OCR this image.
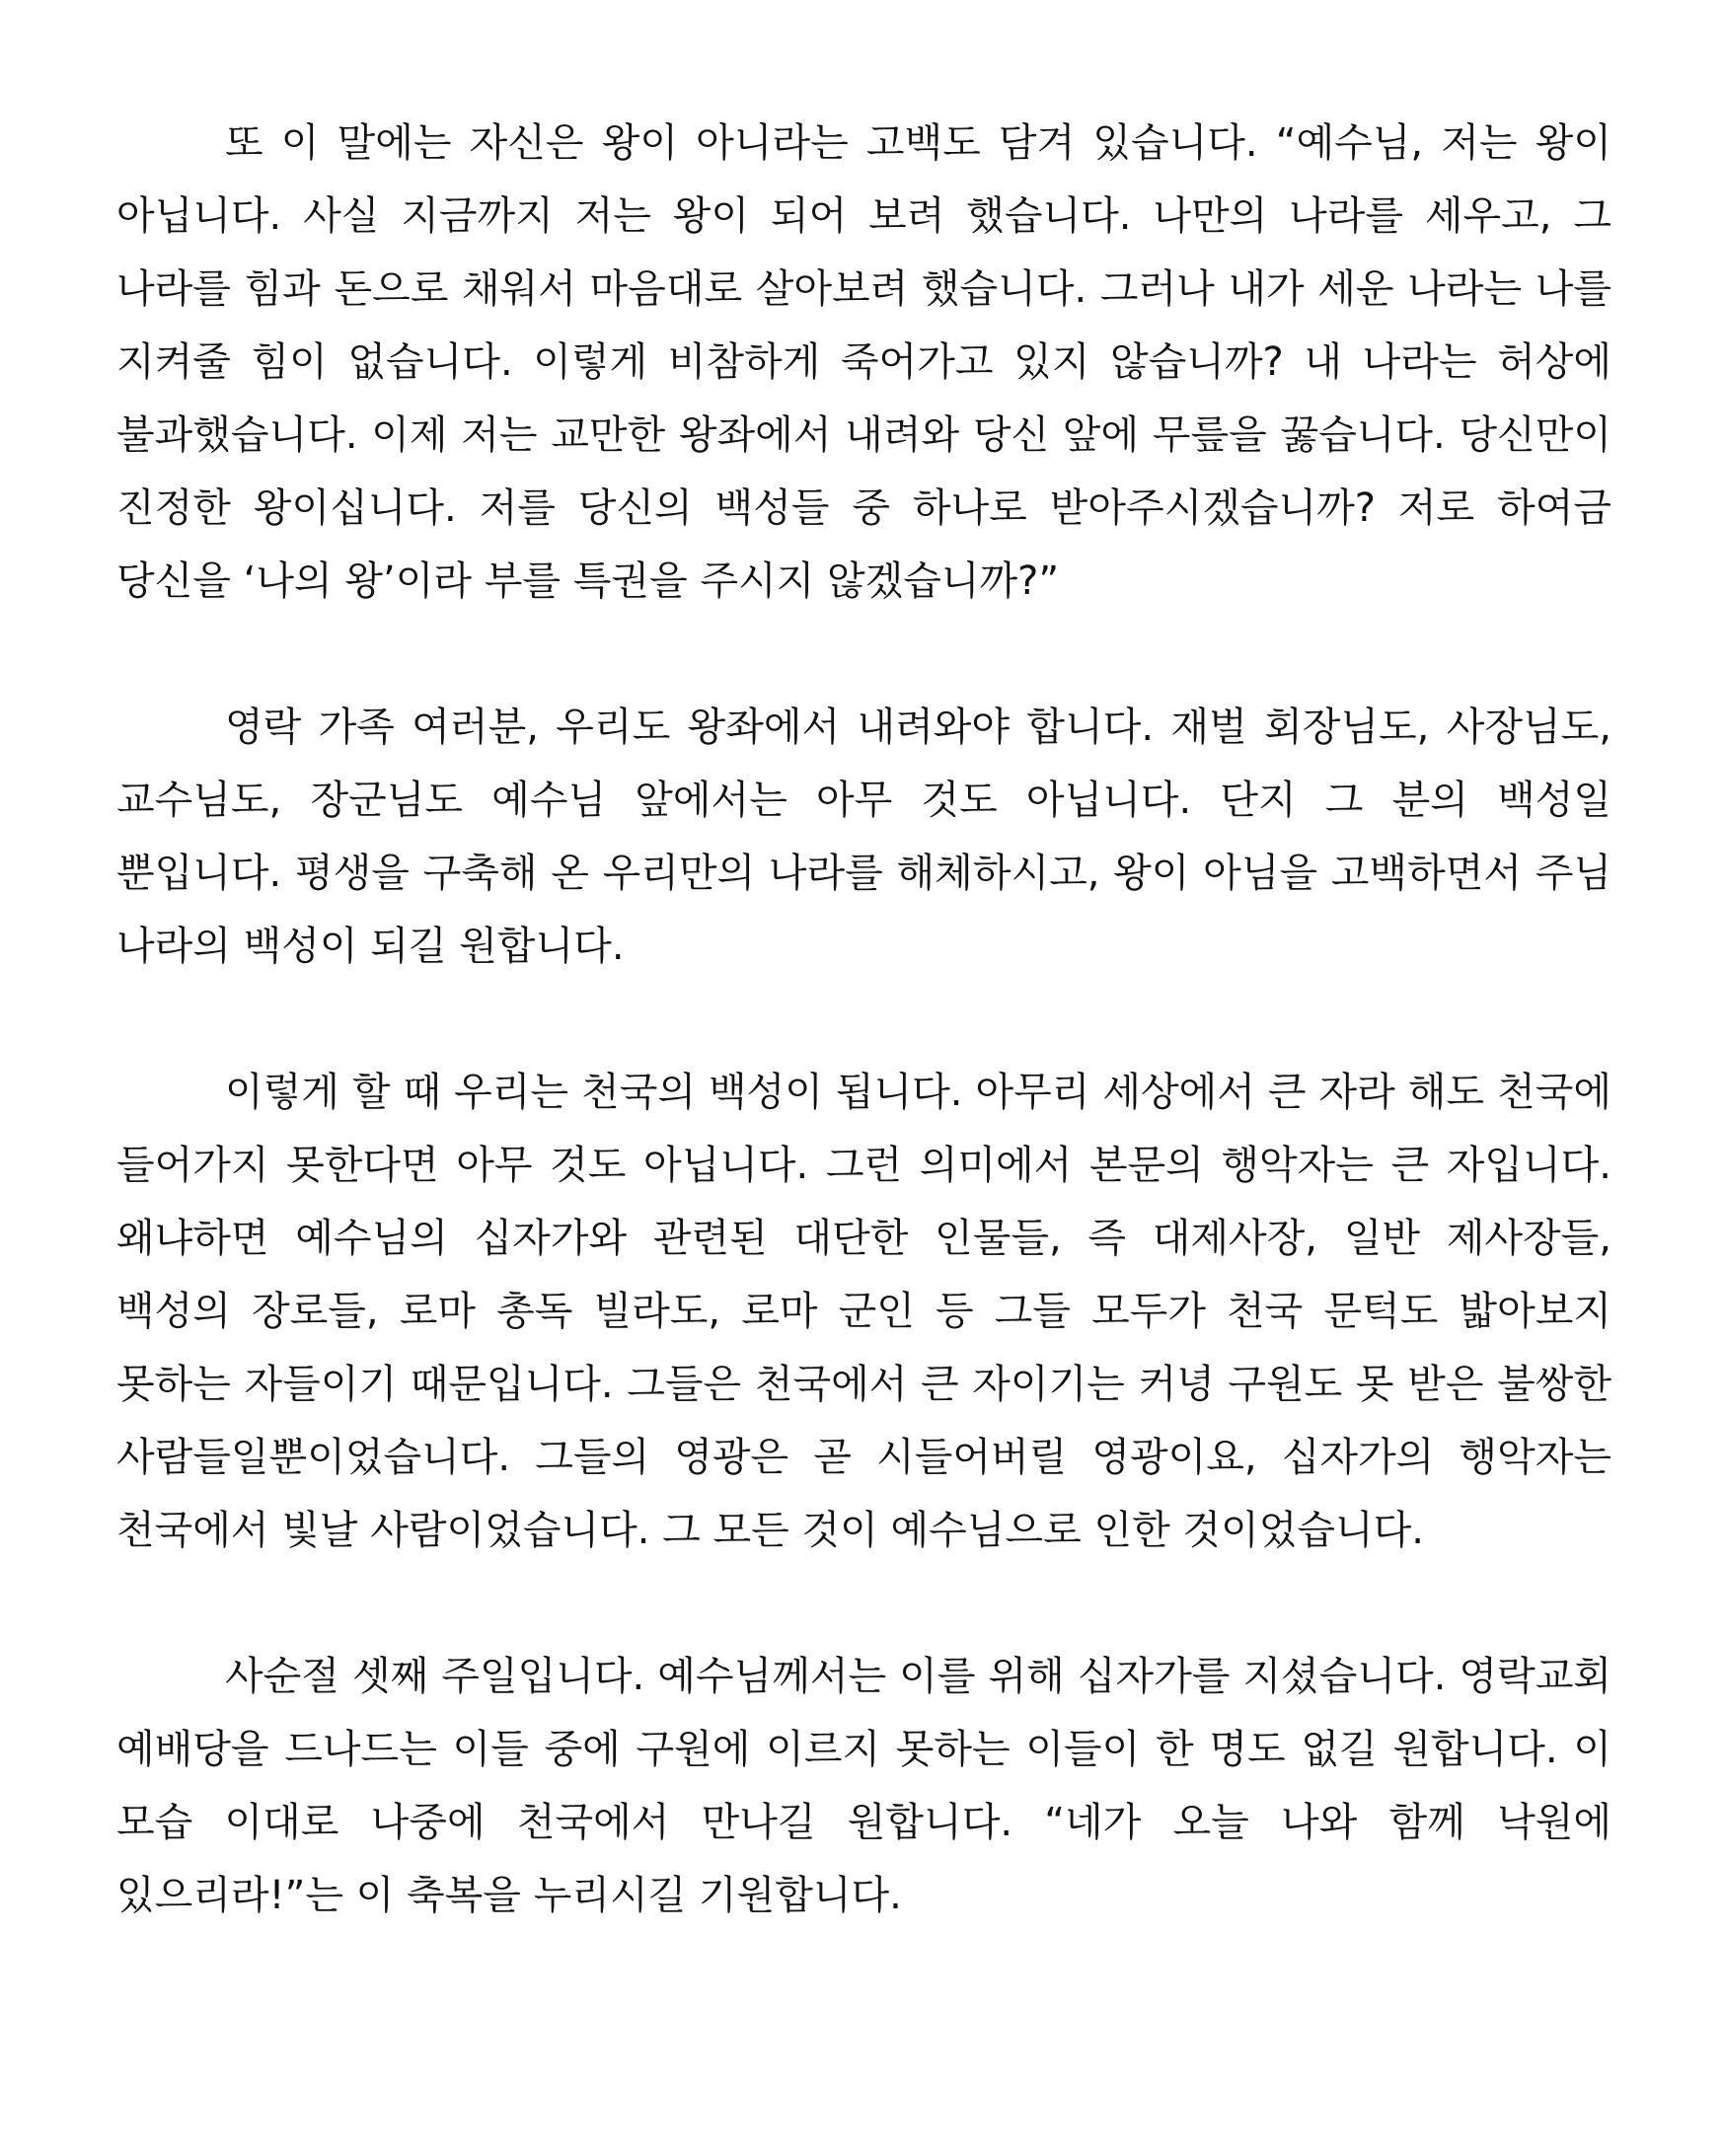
또 이 말에는 자신은 왕이 아니라는 고백도 담겨 있습니다. “예수님, 저는 왕이 아닙니다. 사실 지금까지 저는 왕이 되어 보려 했습니다. 나만의 나라를 세우고, 그 나라를 힘과 돈으로 채워서 마음대로 살아보려 했습니다. 그러나 내가 세운 나라는 나를 지켜줄 힘이 없습니다. 이렇게 비참하게 죽어가고 있지 않습니까? 내 나라는 허상에 불과했습니다. 이제 저는 교만한 왕좌에서 내려와 당신 앞에 무릎을 꿇습니다. 당신만이 진정한 왕이십니다. 저를 당신의 백성들 중 하나로 받아주시겠습니까? 저로 하여금 당신을 ‘나의 왕’이라 부를 특권을 주시지 않겠습니까?”

영락 가족 여러분, 우리도 왕좌에서 내려와야 합니다. 재벌 회장님도, 사장님도, 교수님도, 장군님도 예수님 앞에서는 아무 것도 아닙니다. 단지 그 분의 백성일 뿐입니다. 평생을 구축해 온 우리만의 나라를 해체하시고, 왕이 아님을 고백하면서 주님 나라의 백성이 되길 원합니다.

이렇게 할 때 우리는 천국의 백성이 됩니다. 아무리 세상에서 큰 자라 해도 천국에 들어가지 못한다면 아무 것도 아닙니다. 그런 의미에서 본문의 행악자는 큰 자입니다. 왜냐하면 예수님의 십자가와 관련된 대단한 인물들, 즉 대제사장, 일반 제사장들, 백성의 장로들, 로마 총독 빌라도, 로마 군인 등 그들 모두가 천국 문턱도 밟아보지 못하는 자들이기 때문입니다. 그들은 천국에서 큰 자이기는 커녕 구원도 못 받은 불쌍한 사람들일뿐이었습니다. 그들의 영광은 곧 시들어버릴 영광이요, 십자가의 행악자는 천국에서 빛날 사람이었습니다. 그 모든 것이 예수님으로 인한 것이었습니다.

사순절 셋째 주일입니다. 예수님께서는 이를 위해 십자가를 지셨습니다. 영락교회 예배당을 드나드는 이들 중에 구원에 이르지 못하는 이들이 한 명도 없길 원합니다. 이 모습 이대로 나중에 천국에서 만나길 원합니다. “네가 오늘 나와 함께 낙원에 있으리라!”는 이 축복을 누리시길 기원합니다.
